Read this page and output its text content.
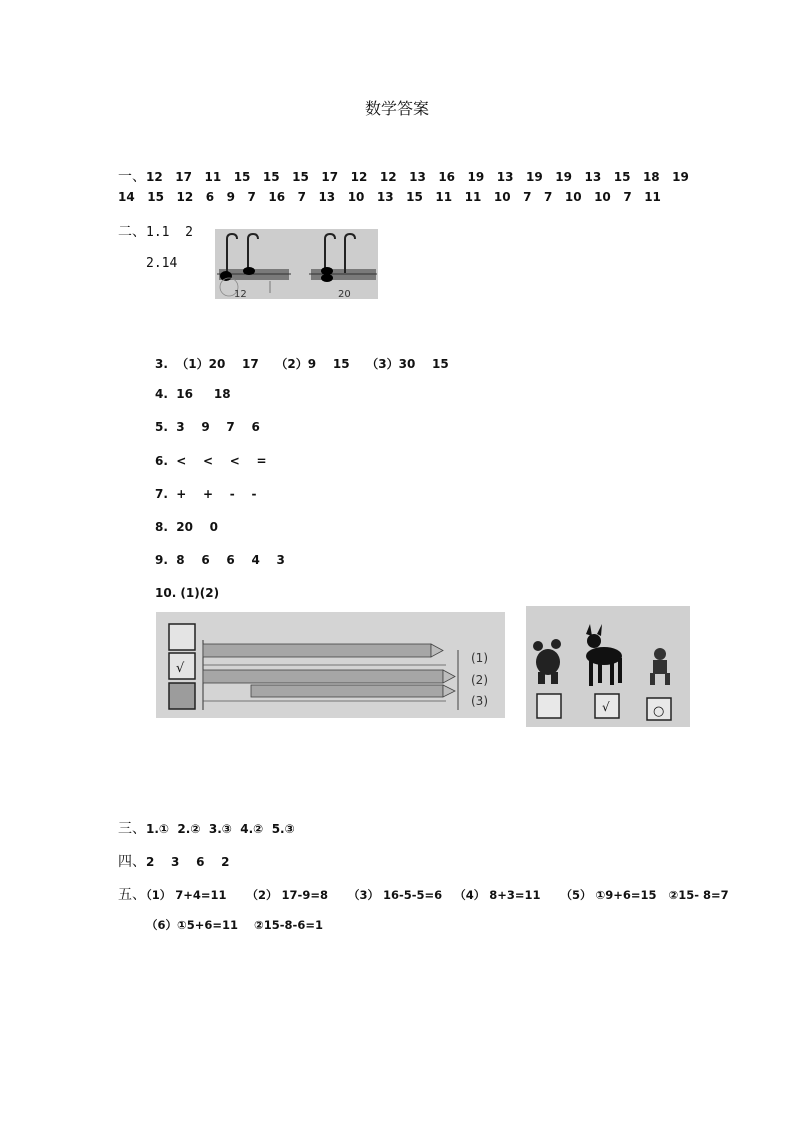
数学答案
一、12   17   11   15   15   15   17   12   12   13   16   19   13   19   19   13   15   18   19
14   15   12   6   9   7   16   7   13   10   13   15   11   11   10   7   7   10   10   7   11
二、1.1  2
2.14
12	20
3.  （1）20    17    （2）9    15    （3）30    15
4.  16     18
5.  3    9    7    6
6.  <    <    <    =
7.  +    +    -    -
8.  20    0
9.  8    6    6    4    3
10. (1)(2)
√
(1)
(2)
(3)	√	○
三、1.①  2.②  3.③  4.②  5.③
四、2    3    6    2
五、（1） 7+4=11     （2） 17-9=8     （3） 16-5-5=6   （4） 8+3=11     （5） ①9+6=15   ②15- 8=7
（6）①5+6=11    ②15-8-6=1
